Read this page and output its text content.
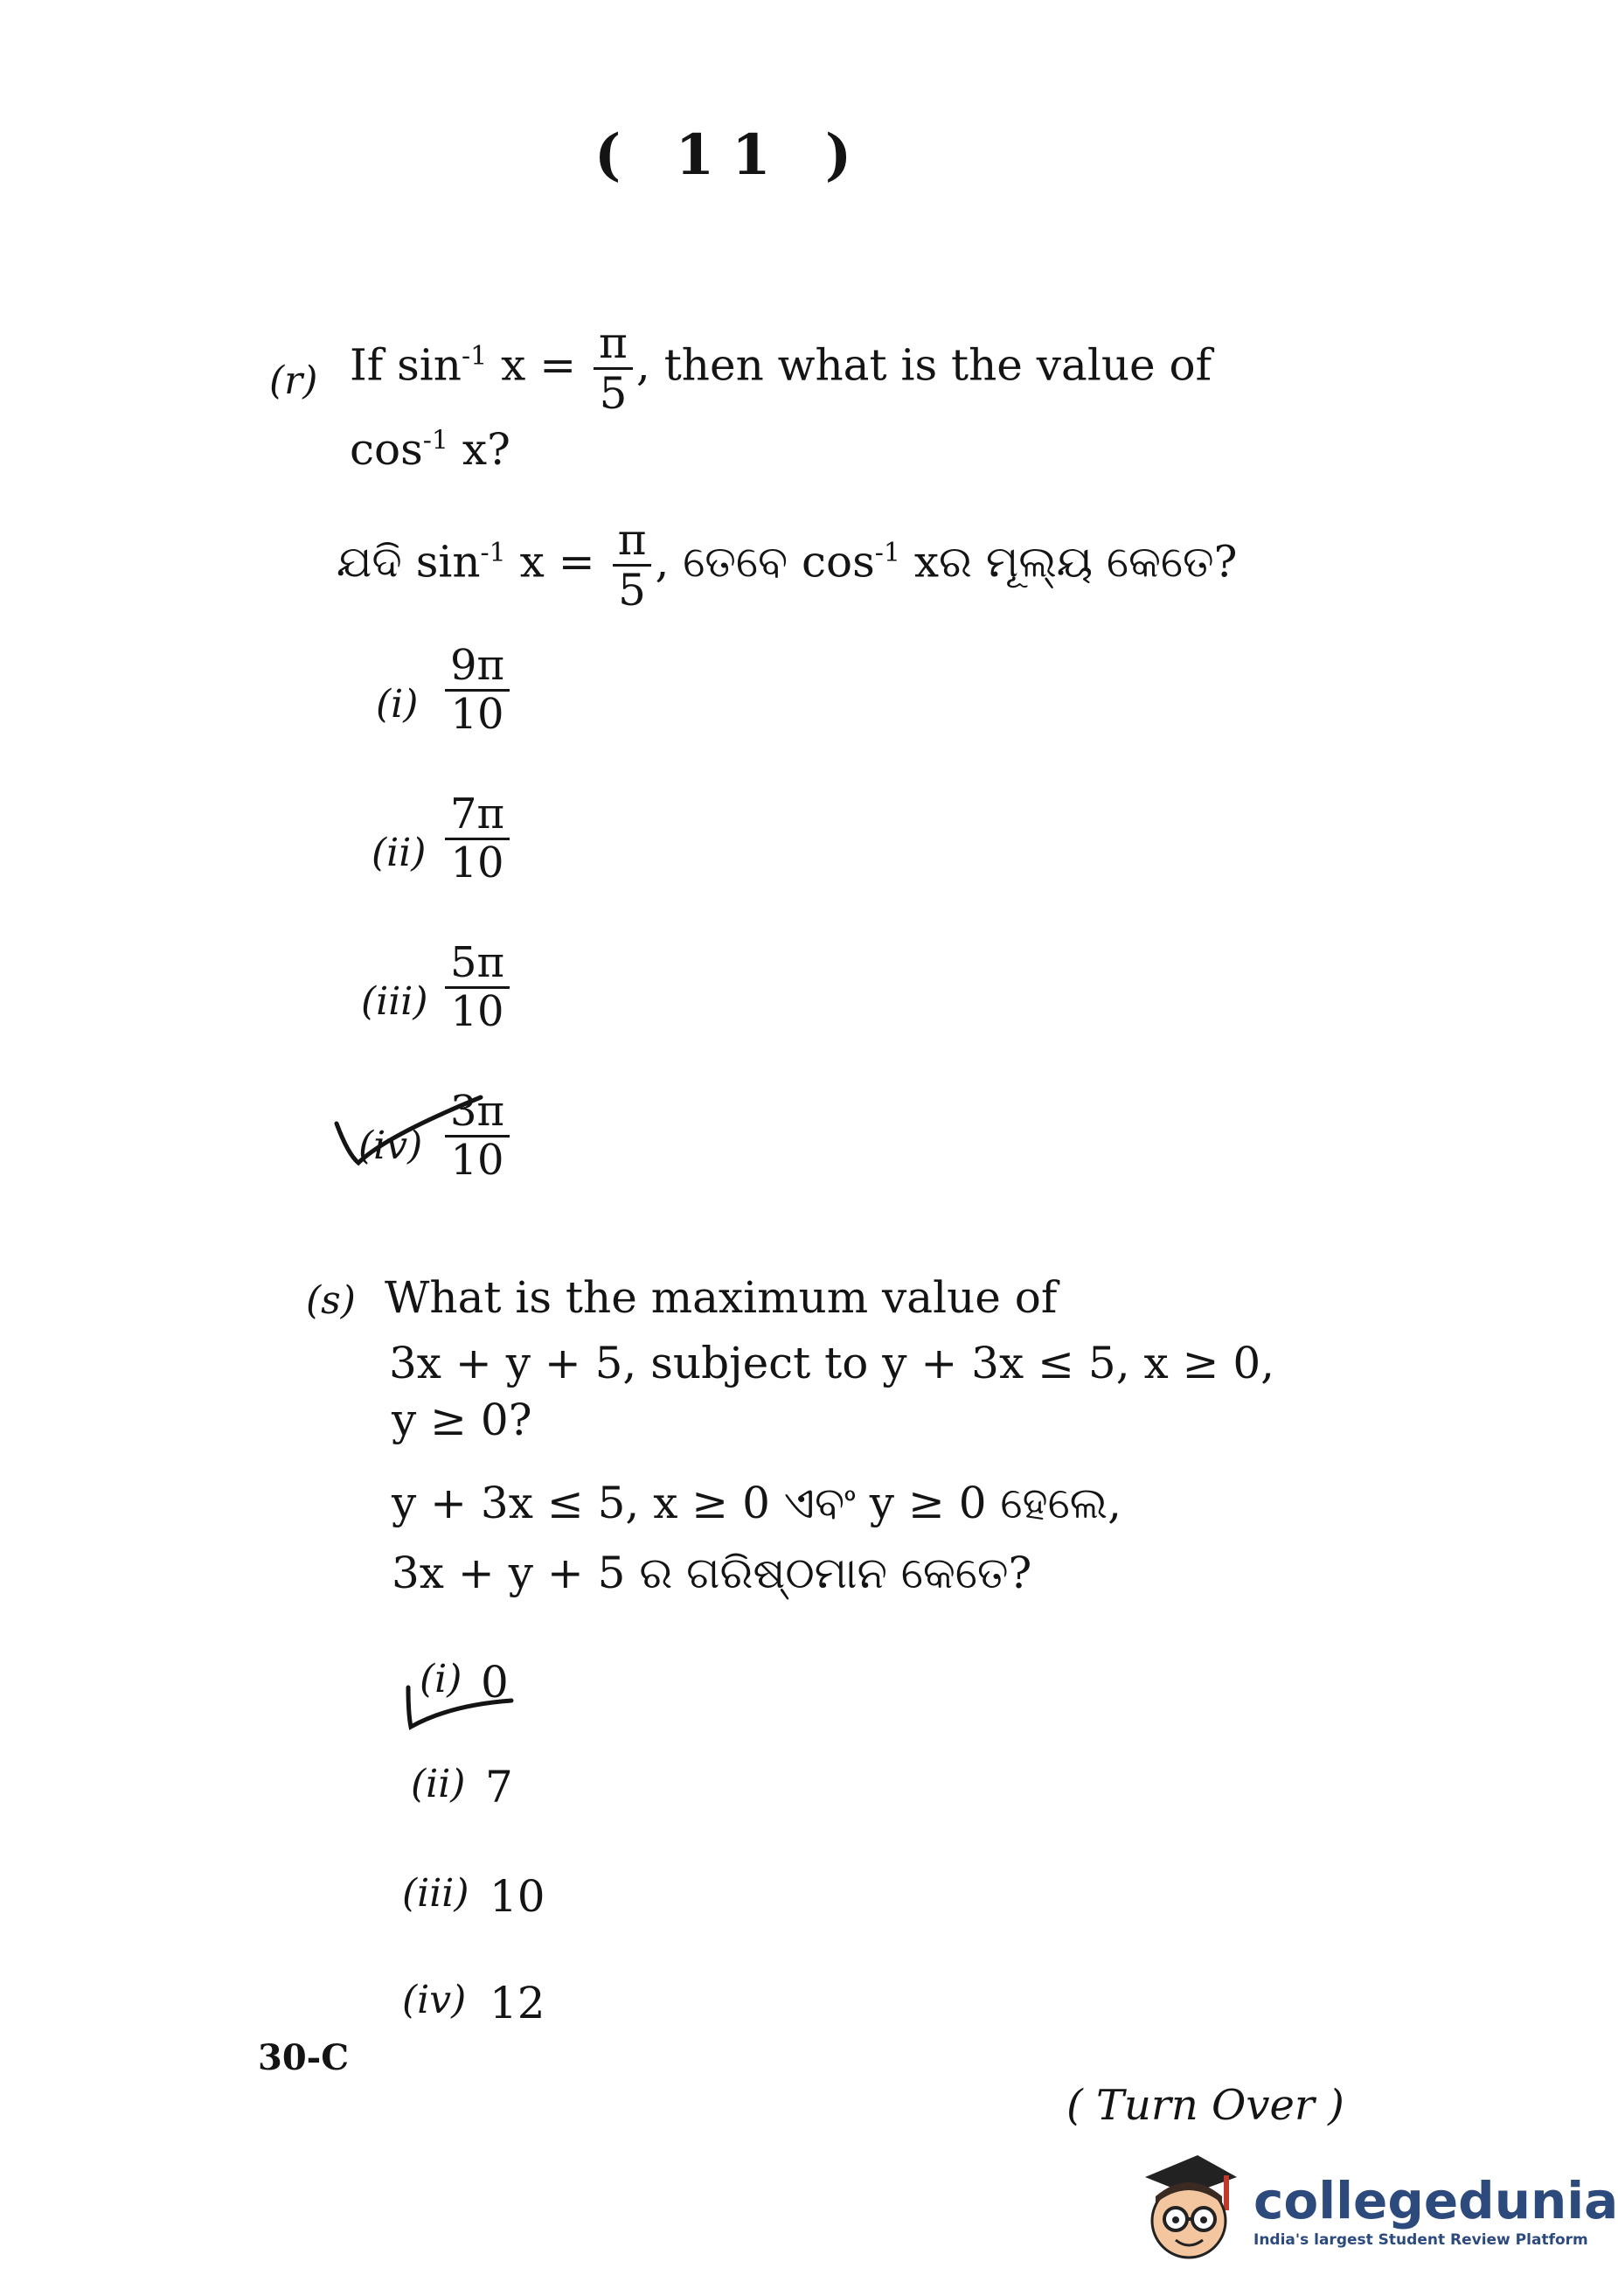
( 11 )
(r) If $\sin^{-1} x = \frac{\pi}{5}$ , then what is the value of
$\cos^{-1} x$?
ଯଦି $\sin^{-1} x = \frac{\pi}{5}$ , ତେବେ $\cos^{-1}$ xର ମୂଲ୍ୟ କେତେ?
$(i) \frac{9\pi}{10}$
$(ii) \frac{7\pi}{10}$
$(iii) \frac{5\pi}{10}$
$(iv) \frac{3\pi}{10}$
(s) What is the maximum value of
3x + y + 5, subject to y + 3x ≤ 5, x ≥ 0,
y ≥ 0?
y + 3x ≤ 5, x ≥ 0 ଏବଂ y ≥ 0 ହେଲେ,
3x + y + 5 ର ଗରିଷ୍ଠମାନ କେତେ?
(i) 0
(ii) 7
(iii) 10
(iv) 12
30-C
( Turn Over )
collegedunia
India's largest Student Review Platform
